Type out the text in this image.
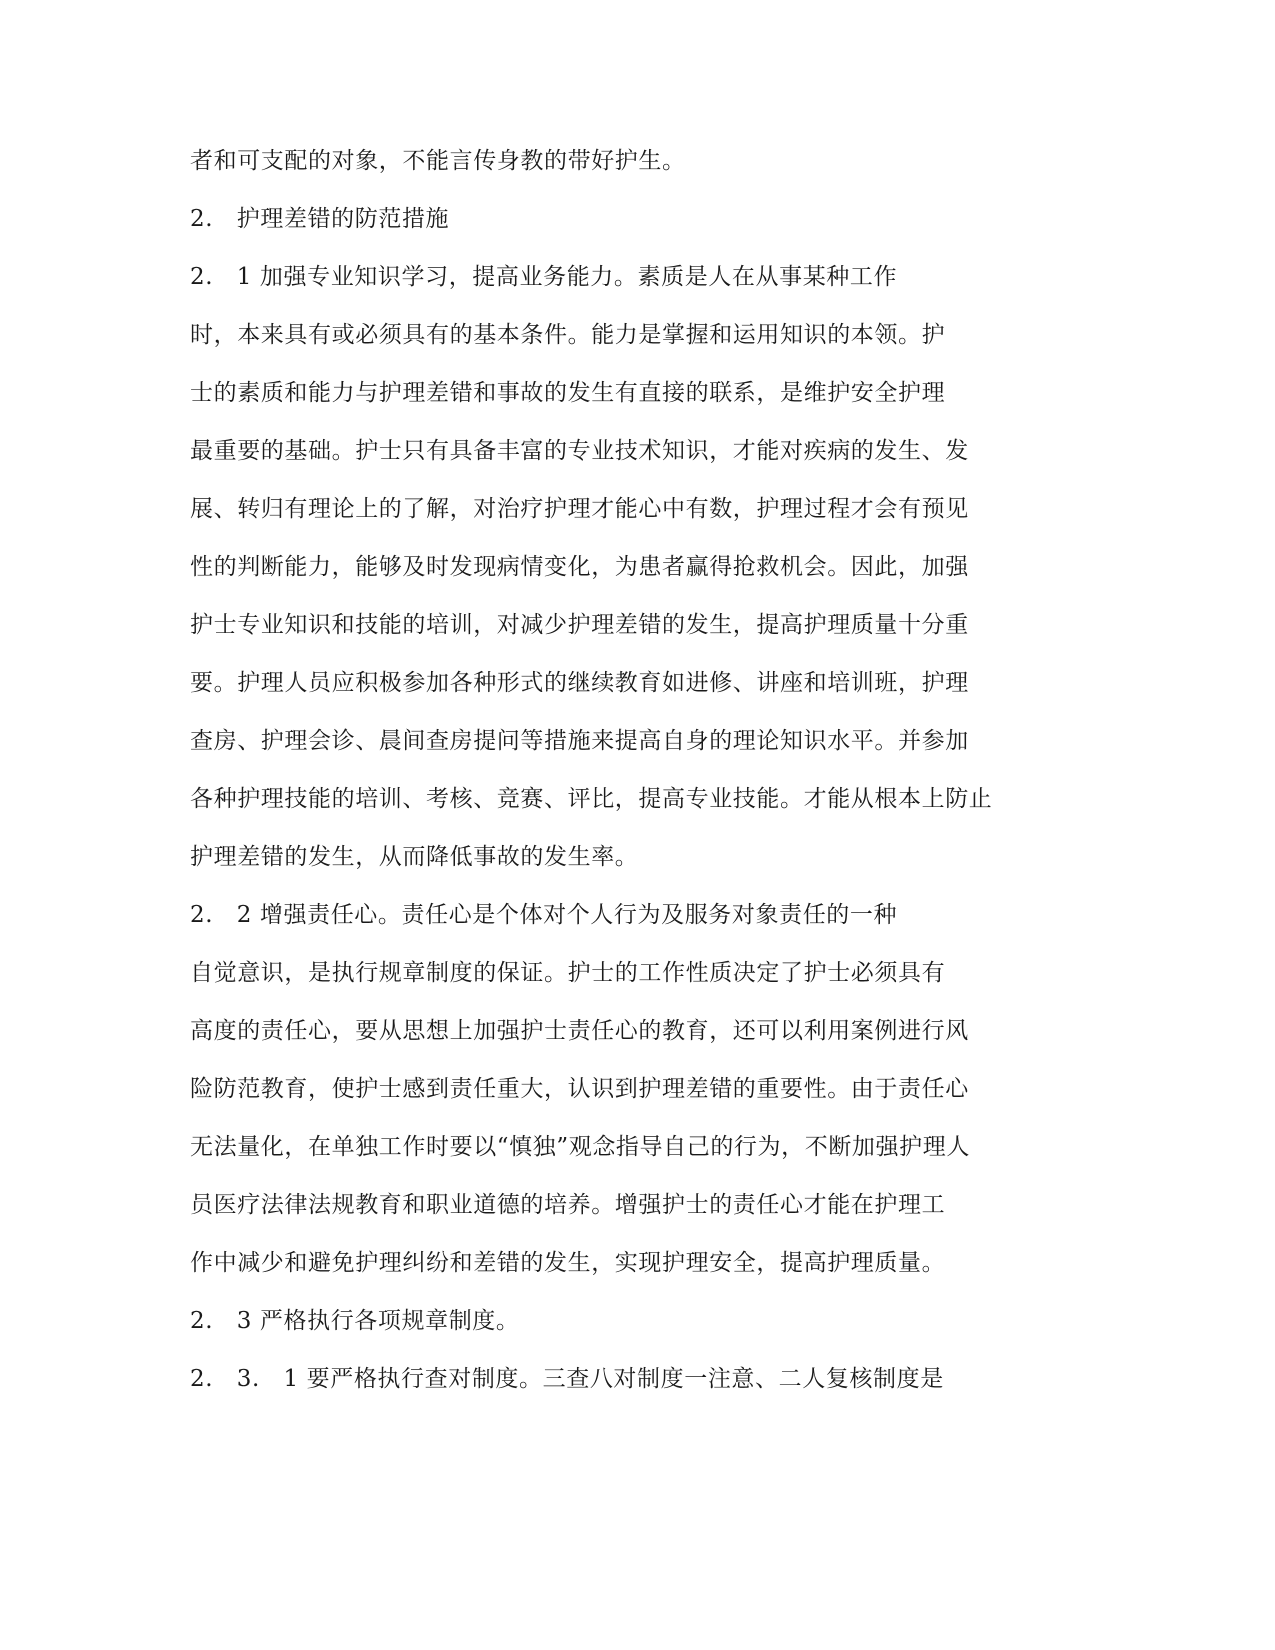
者和可支配的对象，不能言传身教的带好护生。
2.　护理差错的防范措施
2.　1 加强专业知识学习，提高业务能力。素质是人在从事某种工作
时，本来具有或必须具有的基本条件。能力是掌握和运用知识的本领。护
士的素质和能力与护理差错和事故的发生有直接的联系，是维护安全护理
最重要的基础。护士只有具备丰富的专业技术知识，才能对疾病的发生、发
展、转归有理论上的了解，对治疗护理才能心中有数，护理过程才会有预见
性的判断能力，能够及时发现病情变化，为患者赢得抢救机会。因此，加强
护士专业知识和技能的培训，对减少护理差错的发生，提高护理质量十分重
要。护理人员应积极参加各种形式的继续教育如进修、讲座和培训班，护理
查房、护理会诊、晨间查房提问等措施来提高自身的理论知识水平。并参加
各种护理技能的培训、考核、竞赛、评比，提高专业技能。才能从根本上防止
护理差错的发生，从而降低事故的发生率。
2.　2 增强责任心。责任心是个体对个人行为及服务对象责任的一种
自觉意识，是执行规章制度的保证。护士的工作性质决定了护士必须具有
高度的责任心，要从思想上加强护士责任心的教育，还可以利用案例进行风
险防范教育，使护士感到责任重大，认识到护理差错的重要性。由于责任心
无法量化，在单独工作时要以“慎独”观念指导自己的行为，不断加强护理人
员医疗法律法规教育和职业道德的培养。增强护士的责任心才能在护理工
作中减少和避免护理纠纷和差错的发生，实现护理安全，提高护理质量。
2.　3 严格执行各项规章制度。
2.　3.　1 要严格执行查对制度。三查八对制度一注意、二人复核制度是
